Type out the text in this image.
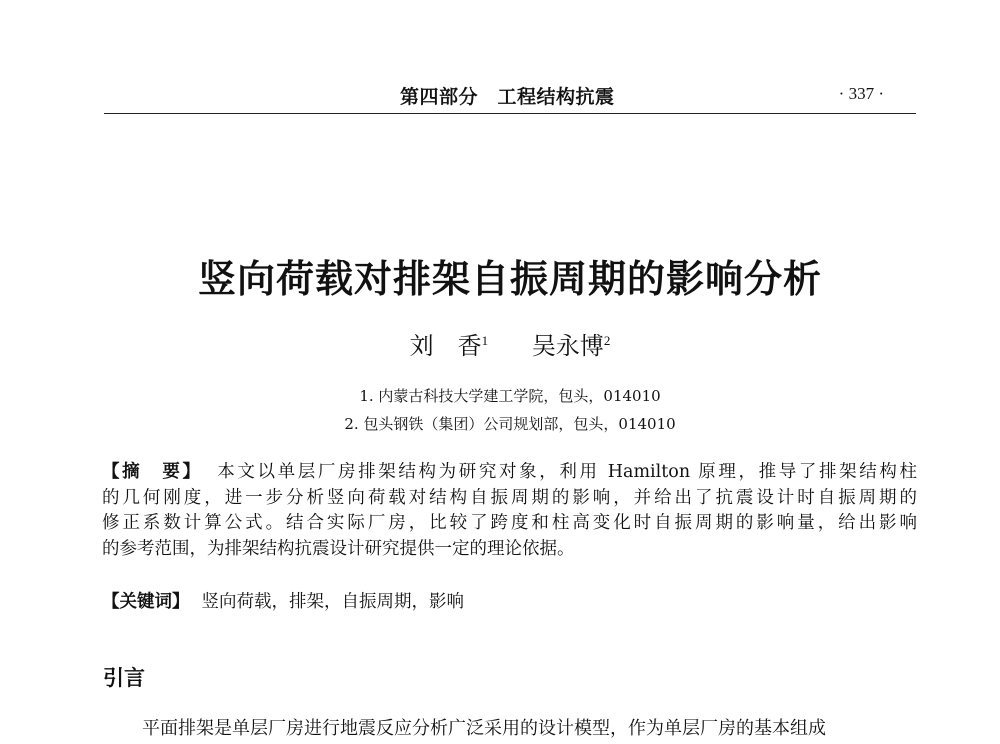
第四部分　工程结构抗震	· 337 ·
竖向荷载对排架自振周期的影响分析
刘　香$^1$ 吴永博$^2$
1. 内蒙古科技大学建工学院，包头，014010
2. 包头钢铁（集团）公司规划部，包头，014010
【摘　要】 本文以单层厂房排架结构为研究对象，利用 Hamilton 原理，推导了排架结构柱
的几何刚度，进一步分析竖向荷载对结构自振周期的影响，并给出了抗震设计时自振周期的
修正系数计算公式。结合实际厂房，比较了跨度和柱高变化时自振周期的影响量，给出影响
的参考范围，为排架结构抗震设计研究提供一定的理论依据。
【关键词】 竖向荷载，排架，自振周期，影响
引言
平面排架是单层厂房进行地震反应分析广泛采用的设计模型，作为单层厂房的基本组成
